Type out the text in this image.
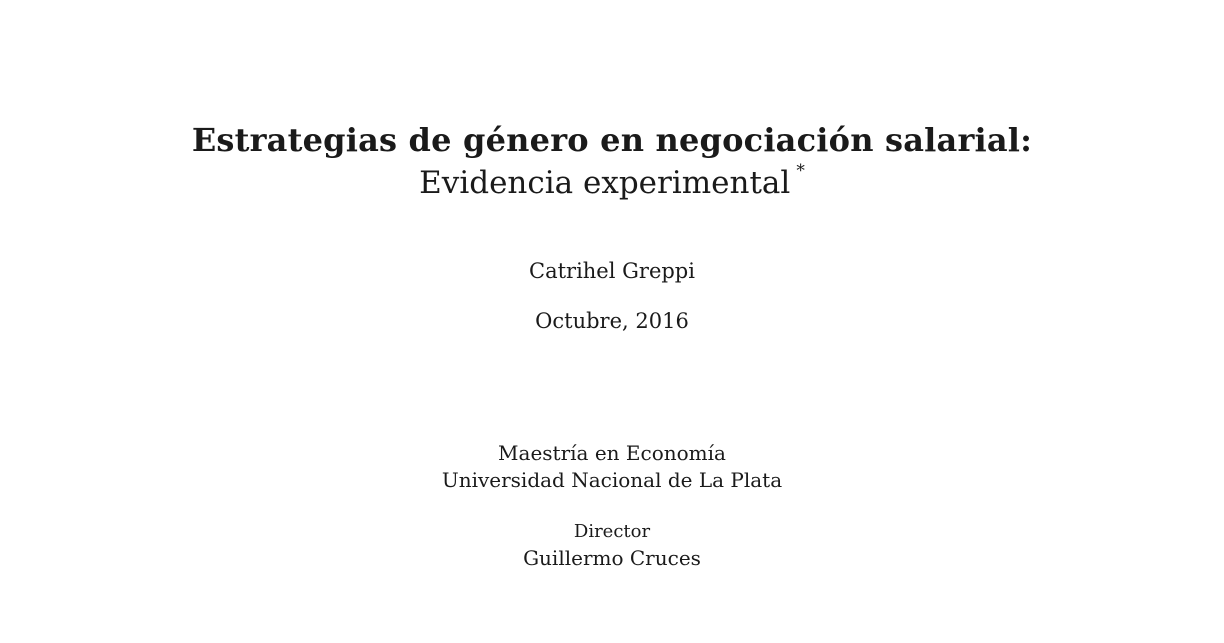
Estrategias de género en negociación salarial:
Evidencia experimental *
Catrihel Greppi
Octubre, 2016
Maestría en Economía
Universidad Nacional de La Plata
Director
Guillermo Cruces
